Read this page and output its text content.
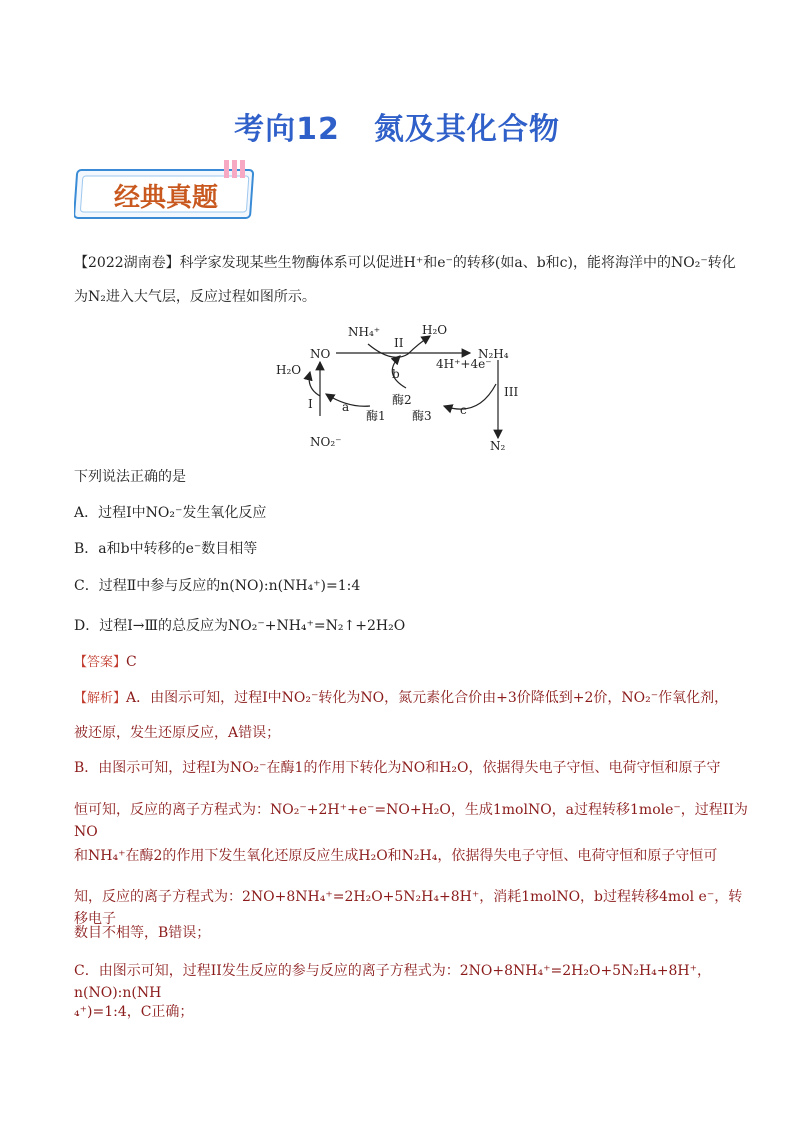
考向12 氮及其化合物
经典真题
【2022湖南卷】科学家发现某些生物酶体系可以促进H⁺和e⁻的转移(如a、b和c)，能将海洋中的NO₂⁻转化
为N₂进入大气层，反应过程如图所示。
NH₄⁺	H₂O
II
NO	N₂H₄
H₂O	b
酶2
4H⁺+4e⁻
III
I a
酶1 酶3 c
NO₂⁻	N₂
下列说法正确的是
A．过程Ⅰ中NO₂⁻发生氧化反应
B．a和b中转移的e⁻数目相等
C．过程Ⅱ中参与反应的n(NO):n(NH₄⁺)=1:4
D．过程Ⅰ→Ⅲ的总反应为NO₂⁻+NH₄⁺=N₂↑+2H₂O
【答案】C
【解析】A．由图示可知，过程I中NO₂⁻转化为NO，氮元素化合价由+3价降低到+2价，NO₂⁻作氧化剂，
被还原，发生还原反应，A错误；
B．由图示可知，过程I为NO₂⁻在酶1的作用下转化为NO和H₂O，依据得失电子守恒、电荷守恒和原子守
恒可知，反应的离子方程式为：NO₂⁻+2H⁺+e⁻=NO+H₂O，生成1molNO，a过程转移1mole⁻，过程II为NO
和NH₄⁺在酶2的作用下发生氧化还原反应生成H₂O和N₂H₄，依据得失电子守恒、电荷守恒和原子守恒可
知，反应的离子方程式为：2NO+8NH₄⁺=2H₂O+5N₂H₄+8H⁺，消耗1molNO，b过程转移4mol e⁻，转移电子
数目不相等，B错误；
C．由图示可知，过程II发生反应的参与反应的离子方程式为：2NO+8NH₄⁺=2H₂O+5N₂H₄+8H⁺，n(NO):n(NH
₄⁺)=1:4，C正确；
